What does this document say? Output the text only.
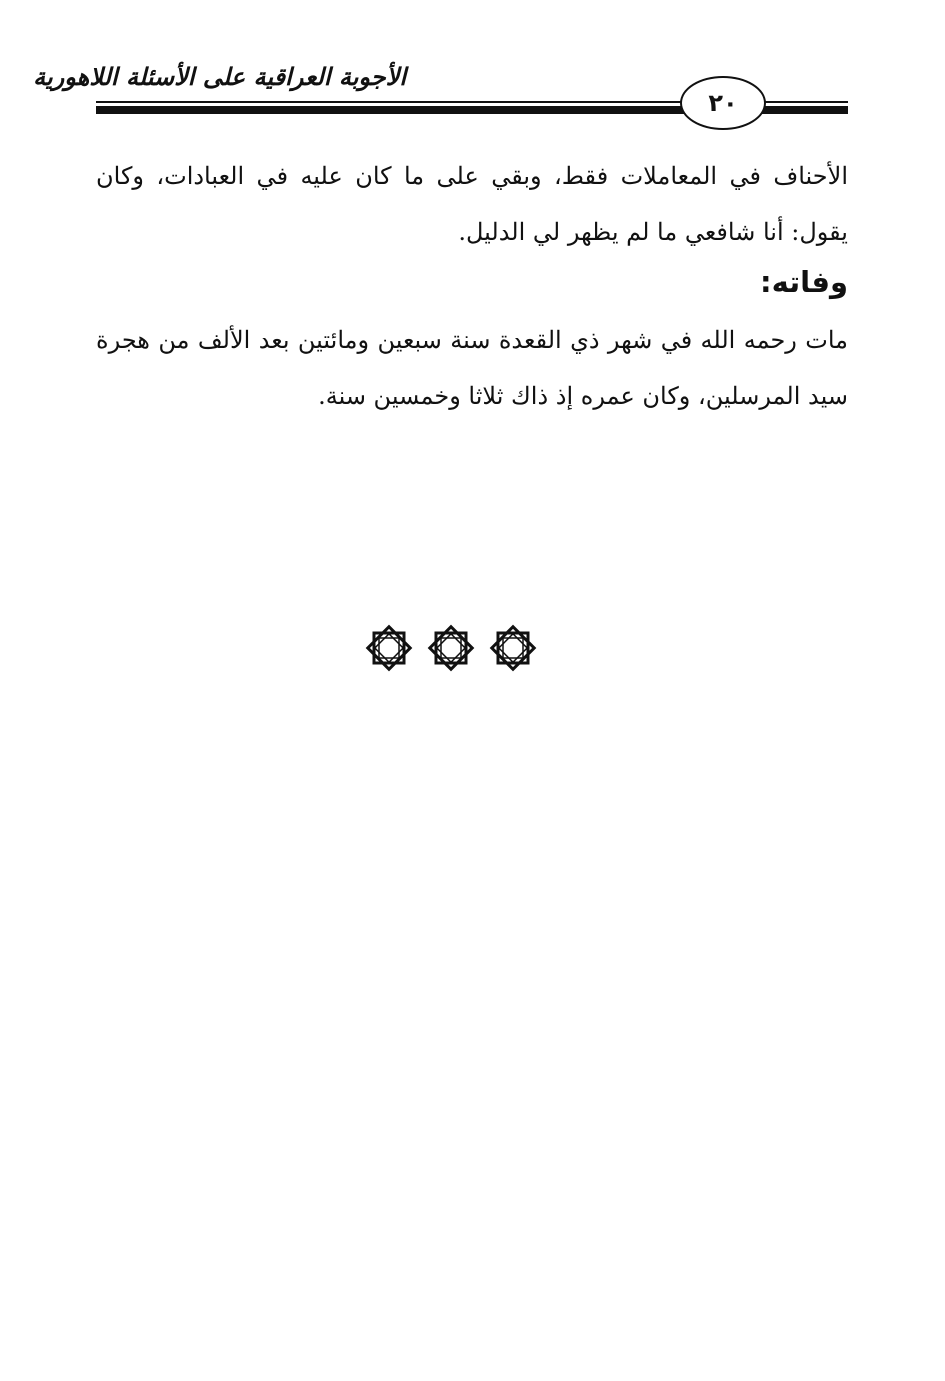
الأجوبة العراقية على الأسئلة اللاهورية
٢٠

الأحناف في المعاملات فقط، وبقي على ما كان عليه في العبادات، وكان يقول: أنا شافعي ما لم يظهر لي الدليل.

وفاته:

مات رحمه الله في شهر ذي القعدة سنة سبعين ومائتين بعد الألف من هجرة سيد المرسلين، وكان عمره إذ ذاك ثلاثا وخمسين سنة.
